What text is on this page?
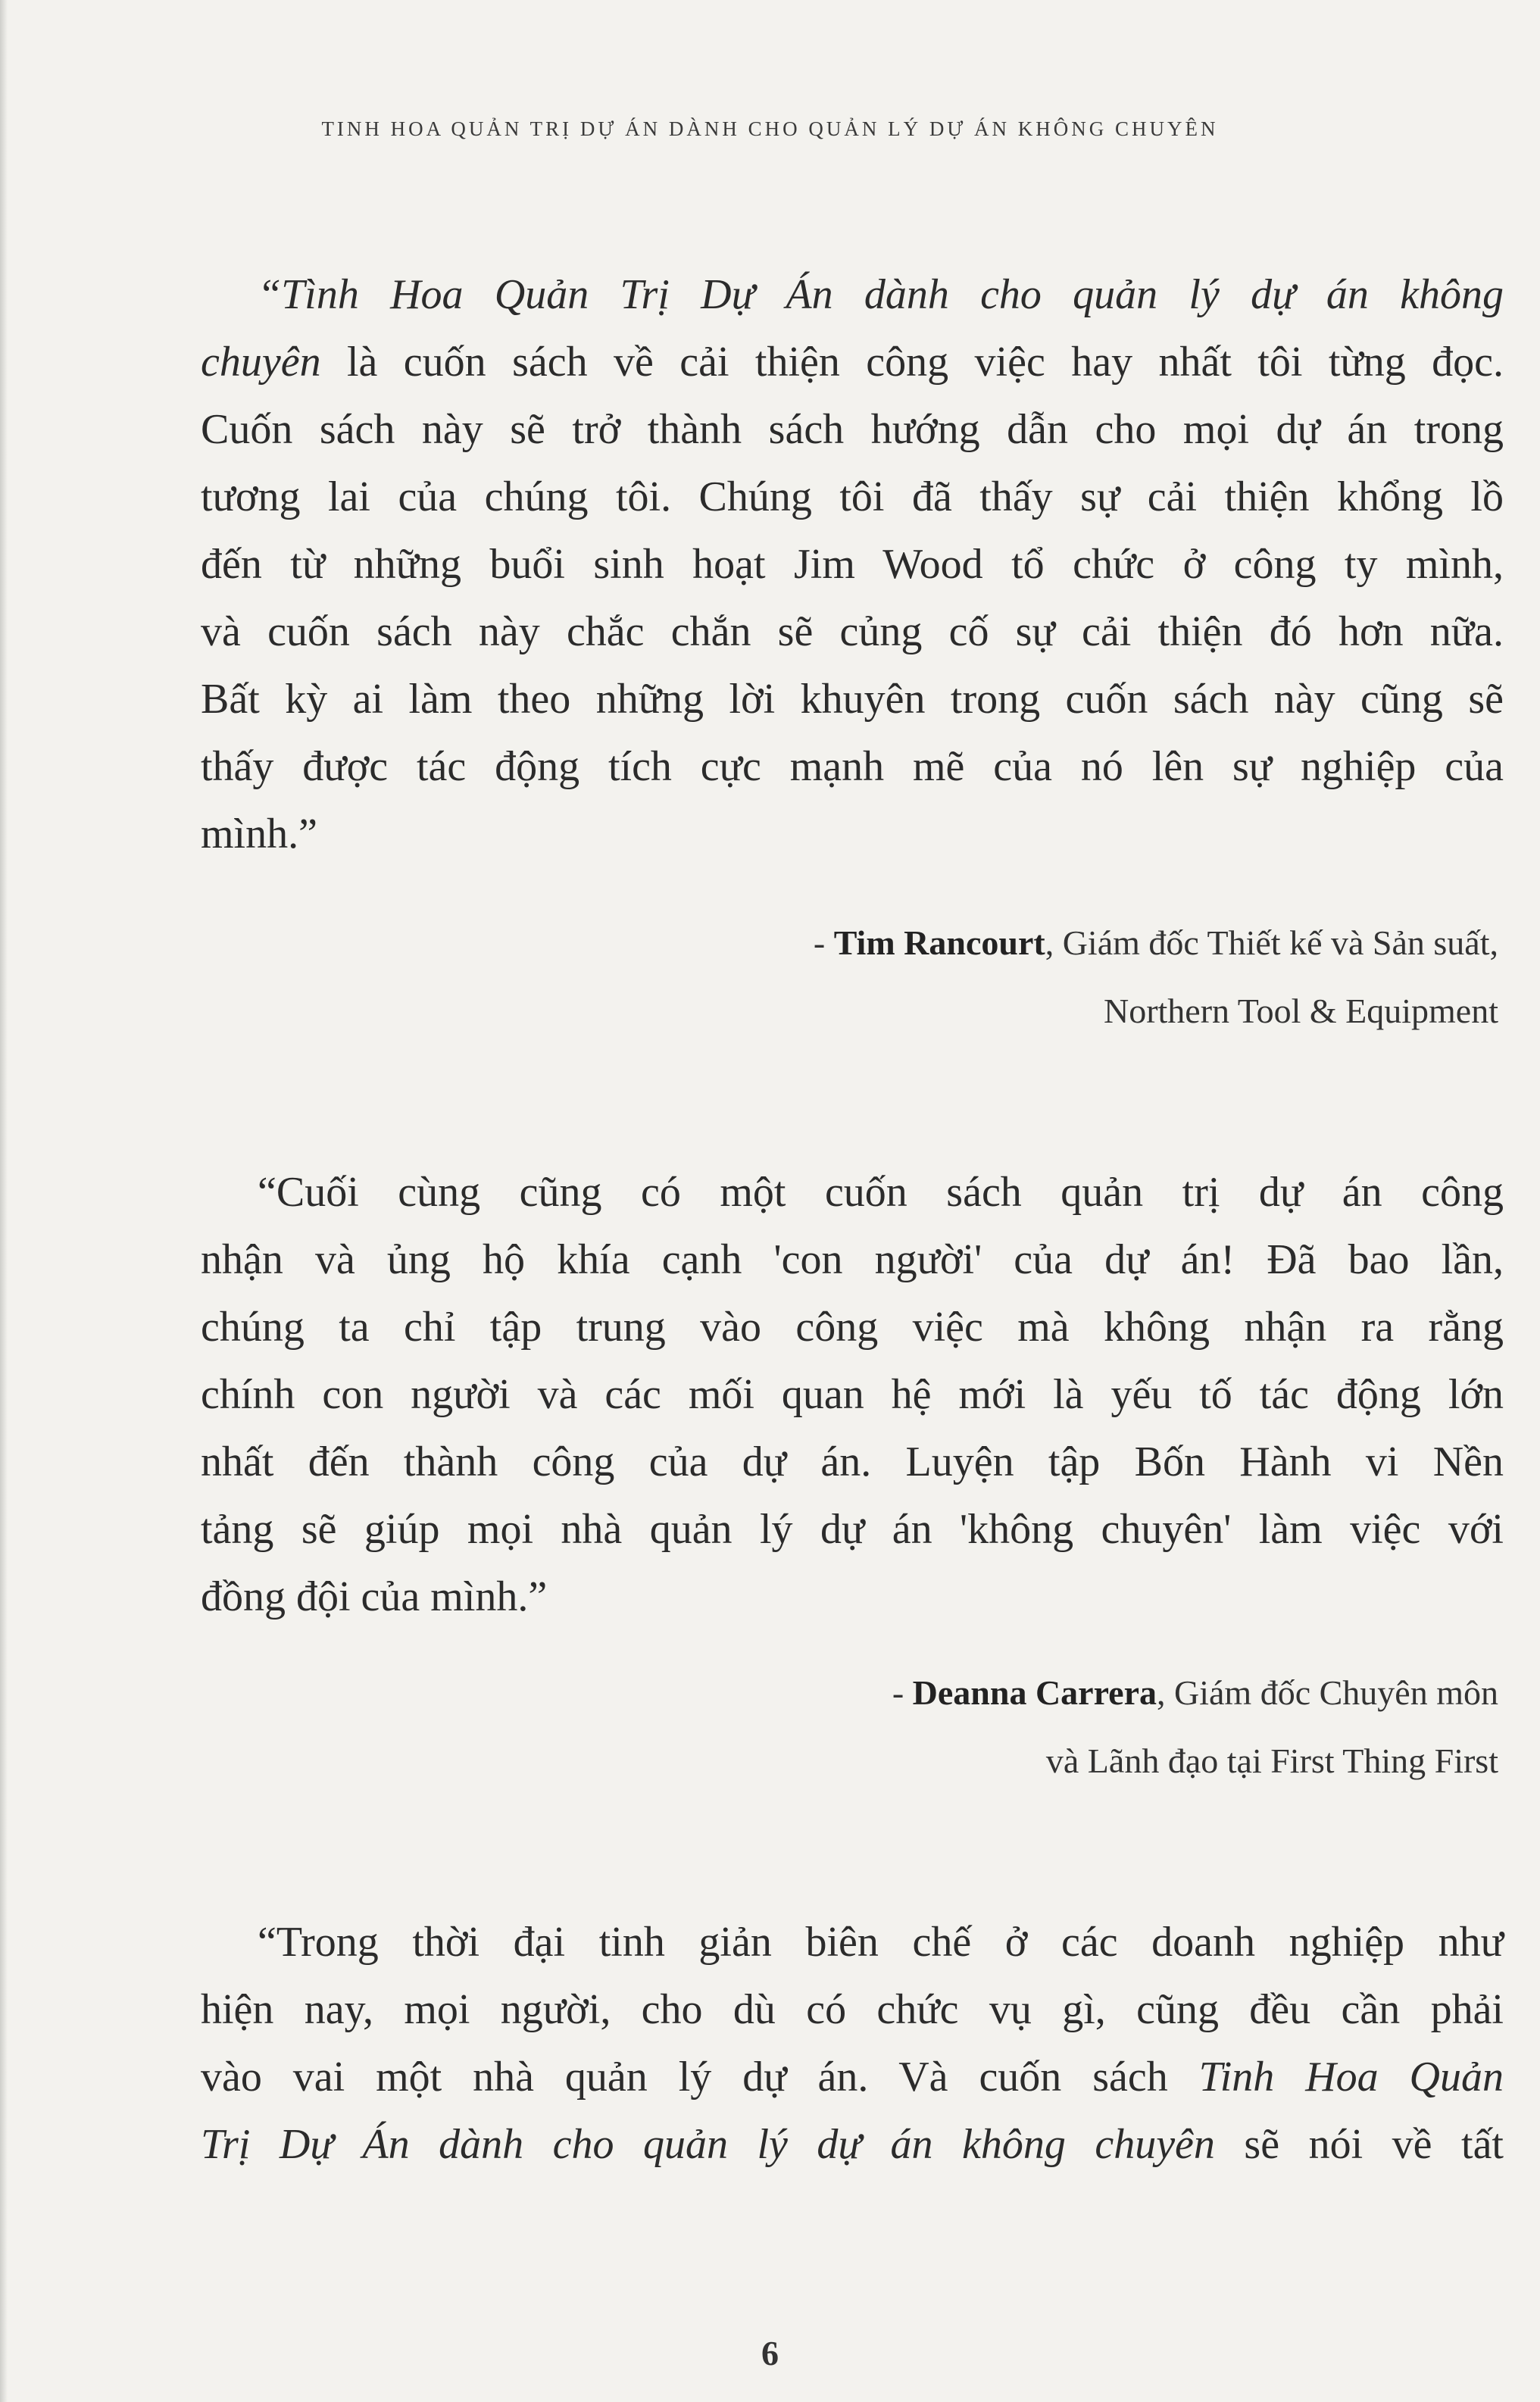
TINH HOA QUẢN TRỊ DỰ ÁN DÀNH CHO QUẢN LÝ DỰ ÁN KHÔNG CHUYÊN
“Tình Hoa Quản Trị Dự Án dành cho quản lý dự án không
chuyên là cuốn sách về cải thiện công việc hay nhất tôi từng đọc.
Cuốn sách này sẽ trở thành sách hướng dẫn cho mọi dự án trong
tương lai của chúng tôi. Chúng tôi đã thấy sự cải thiện khổng lồ
đến từ những buổi sinh hoạt Jim Wood tổ chức ở công ty mình,
và cuốn sách này chắc chắn sẽ củng cố sự cải thiện đó hơn nữa.
Bất kỳ ai làm theo những lời khuyên trong cuốn sách này cũng sẽ
thấy được tác động tích cực mạnh mẽ của nó lên sự nghiệp của
mình.”
- Tim Rancourt, Giám đốc Thiết kế và Sản suất,
Northern Tool & Equipment
“Cuối cùng cũng có một cuốn sách quản trị dự án công
nhận và ủng hộ khía cạnh 'con người' của dự án! Đã bao lần,
chúng ta chỉ tập trung vào công việc mà không nhận ra rằng
chính con người và các mối quan hệ mới là yếu tố tác động lớn
nhất đến thành công của dự án. Luyện tập Bốn Hành vi Nền
tảng sẽ giúp mọi nhà quản lý dự án 'không chuyên' làm việc với
đồng đội của mình.”
- Deanna Carrera, Giám đốc Chuyên môn
và Lãnh đạo tại First Thing First
“Trong thời đại tinh giản biên chế ở các doanh nghiệp như
hiện nay, mọi người, cho dù có chức vụ gì, cũng đều cần phải
vào vai một nhà quản lý dự án. Và cuốn sách Tinh Hoa Quản
Trị Dự Án dành cho quản lý dự án không chuyên sẽ nói về tất
6
